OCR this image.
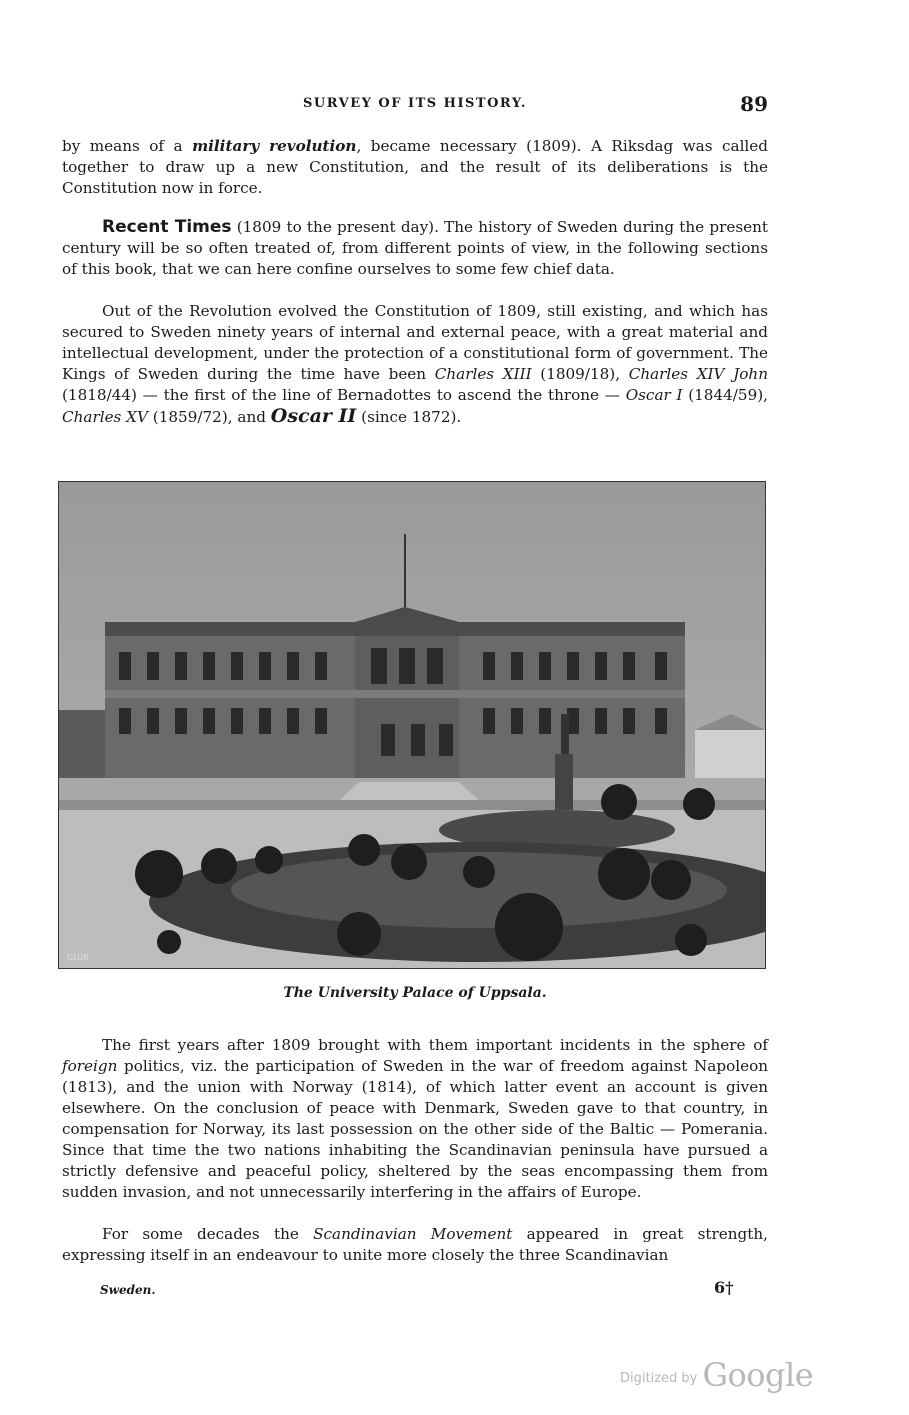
SURVEY OF ITS HISTORY.	89

by means of a military revolution, became necessary (1809). A Riksdag was called together to draw up a new Constitution, and the result of its deliberations is the Constitution now in force.

Recent Times (1809 to the present day). The history of Sweden during the present century will be so often treated of, from different points of view, in the following sections of this book, that we can here confine ourselves to some few chief data.

Out of the Revolution evolved the Constitution of 1809, still existing, and which has secured to Sweden ninety years of internal and external peace, with a great material and intellectual development, under the protection of a constitutional form of government. The Kings of Sweden during the time have been Charles XIII (1809/18), Charles XIV John (1818/44) — the first of the line of Bernadottes to ascend the throne — Oscar I (1844/59), Charles XV (1859/72), and Oscar II (since 1872).

GLUR
The University Palace of Uppsala.

The first years after 1809 brought with them important incidents in the sphere of foreign politics, viz. the participation of Sweden in the war of freedom against Napoleon (1813), and the union with Norway (1814), of which latter event an account is given elsewhere. On the conclusion of peace with Denmark, Sweden gave to that country, in compensation for Norway, its last possession on the other side of the Baltic — Pomerania. Since that time the two nations inhabiting the Scandinavian peninsula have pursued a strictly defensive and peaceful policy, sheltered by the seas encompassing them from sudden invasion, and not unnecessarily interfering in the affairs of Europe.

For some decades the Scandinavian Movement appeared in great strength, expressing itself in an endeavour to unite more closely the three Scandinavian

Sweden.	6†
$^{Digitized by}$ Google
